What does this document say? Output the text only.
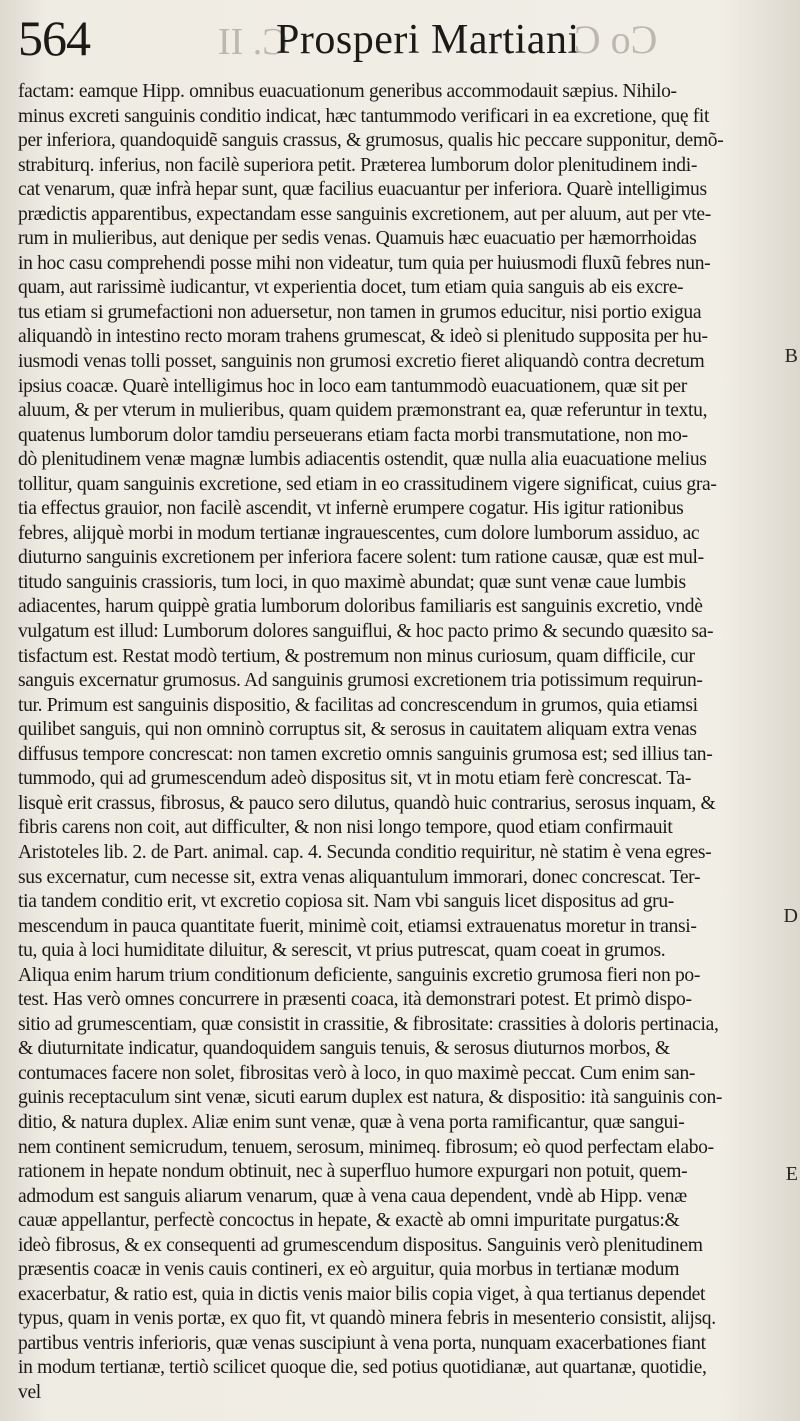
564	C. II
Prosperi Martiani
Co C
factam: eamque Hipp. omnibus euacuationum generibus accommodauit sæpius. Nihilo-
minus excreti sanguinis conditio indicat, hæc tantummodo verificari in ea excretione, quę fit
per inferiora, quandoquidẽ sanguis crassus, & grumosus, qualis hic peccare supponitur, demõ-
strabiturq. inferius, non facilè superiora petit. Præterea lumborum dolor plenitudinem indi-
cat venarum, quæ infrà hepar sunt, quæ facilius euacuantur per inferiora. Quarè intelligimus
prædictis apparentibus, expectandam esse sanguinis excretionem, aut per aluum, aut per vte-
rum in mulieribus, aut denique per sedis venas. Quamuis hæc euacuatio per hæmorrhoidas
in hoc casu comprehendi posse mihi non videatur, tum quia per huiusmodi fluxũ febres nun-
quam, aut rarissimè iudicantur, vt experientia docet, tum etiam quia sanguis ab eis excre-
tus etiam si grumefactioni non aduersetur, non tamen in grumos educitur, nisi portio exigua
aliquandò in intestino recto moram trahens grumescat, & ideò si plenitudo supposita per hu-
iusmodi venas tolli posset, sanguinis non grumosi excretio fieret aliquandò contra decretum
ipsius coacæ. Quarè intelligimus hoc in loco eam tantummodò euacuationem, quæ sit per
aluum, & per vterum in mulieribus, quam quidem præmonstrant ea, quæ referuntur in textu,
quatenus lumborum dolor tamdiu perseuerans etiam facta morbi transmutatione, non mo-
dò plenitudinem venæ magnæ lumbis adiacentis ostendit, quæ nulla alia euacuatione melius
tollitur, quam sanguinis excretione, sed etiam in eo crassitudinem vigere significat, cuius gra-
tia effectus grauior, non facilè ascendit, vt infernè erumpere cogatur. His igitur rationibus
febres, alijquè morbi in modum tertianæ ingrauescentes, cum dolore lumborum assiduo, ac
diuturno sanguinis excretionem per inferiora facere solent: tum ratione causæ, quæ est mul-
titudo sanguinis crassioris, tum loci, in quo maximè abundat; quæ sunt venæ caue lumbis
adiacentes, harum quippè gratia lumborum doloribus familiaris est sanguinis excretio, vndè
vulgatum est illud: Lumborum dolores sanguiflui, & hoc pacto primo & secundo quæsito sa-
tisfactum est. Restat modò tertium, & postremum non minus curiosum, quam difficile, cur
sanguis excernatur grumosus. Ad sanguinis grumosi excretionem tria potissimum requirun-
tur. Primum est sanguinis dispositio, & facilitas ad concrescendum in grumos, quia etiamsi
quilibet sanguis, qui non omninò corruptus sit, & serosus in cauitatem aliquam extra venas
diffusus tempore concrescat: non tamen excretio omnis sanguinis grumosa est; sed illius tan-
tummodo, qui ad grumescendum adeò dispositus sit, vt in motu etiam ferè concrescat. Ta-
lisquè erit crassus, fibrosus, & pauco sero dilutus, quandò huic contrarius, serosus inquam, &
fibris carens non coit, aut difficulter, & non nisi longo tempore, quod etiam confirmauit
Aristoteles lib. 2. de Part. animal. cap. 4. Secunda conditio requiritur, nè statim è vena egres-
sus excernatur, cum necesse sit, extra venas aliquantulum immorari, donec concrescat. Ter-
tia tandem conditio erit, vt excretio copiosa sit. Nam vbi sanguis licet dispositus ad gru-
mescendum in pauca quantitate fuerit, minimè coit, etiamsi extrauenatus moretur in transi-
tu, quia à loci humiditate diluitur, & serescit, vt prius putrescat, quam coeat in grumos.
Aliqua enim harum trium conditionum deficiente, sanguinis excretio grumosa fieri non po-
test. Has verò omnes concurrere in præsenti coaca, ità demonstrari potest. Et primò dispo-
sitio ad grumescentiam, quæ consistit in crassitie, & fibrositate: crassities à doloris pertinacia,
& diuturnitate indicatur, quandoquidem sanguis tenuis, & serosus diuturnos morbos, &
contumaces facere non solet, fibrositas verò à loco, in quo maximè peccat. Cum enim san-
guinis receptaculum sint venæ, sicuti earum duplex est natura, & dispositio: ità sanguinis con-
ditio, & natura duplex. Aliæ enim sunt venæ, quæ à vena porta ramificantur, quæ sangui-
nem continent semicrudum, tenuem, serosum, minimeq. fibrosum; eò quod perfectam elabo-
rationem in hepate nondum obtinuit, nec à superfluo humore expurgari non potuit, quem-
admodum est sanguis aliarum venarum, quæ à vena caua dependent, vndè ab Hipp. venæ
cauæ appellantur, perfectè concoctus in hepate, & exactè ab omni impuritate purgatus:&
ideò fibrosus, & ex consequenti ad grumescendum dispositus. Sanguinis verò plenitudinem
præsentis coacæ in venis cauis contineri, ex eò arguitur, quia morbus in tertianæ modum
exacerbatur, & ratio est, quia in dictis venis maior bilis copia viget, à qua tertianus dependet
typus, quam in venis portæ, ex quo fit, vt quandò minera febris in mesenterio consistit, alijsq.
partibus ventris inferioris, quæ venas suscipiunt à vena porta, nunquam exacerbationes fiant
in modum tertianæ, tertiò scilicet quoque die, sed potius quotidianæ, aut quartanæ, quotidie,
vel
B
D
E
